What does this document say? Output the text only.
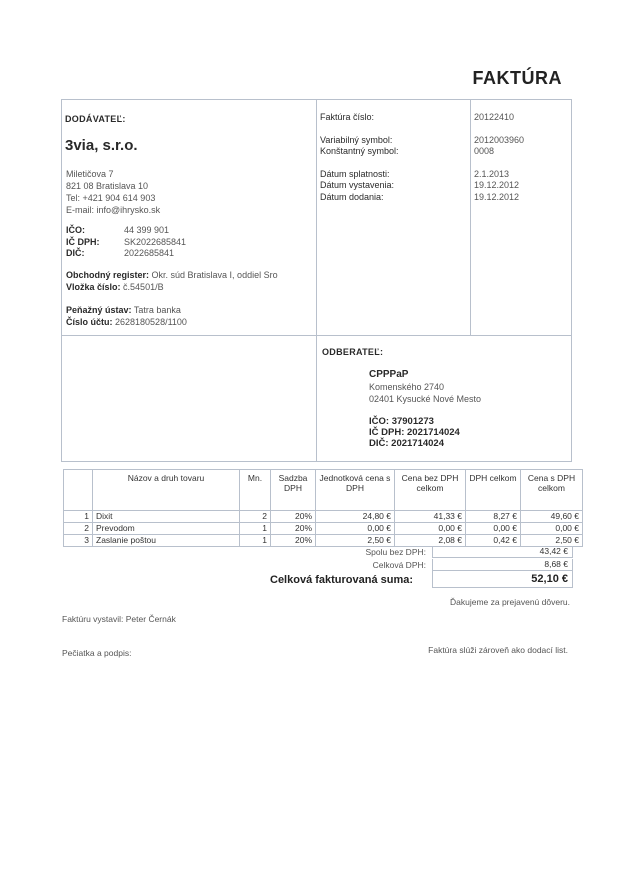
FAKTÚRA
DODÁVATEĽ:
3via, s.r.o.
Miletičova 7
821 08 Bratislava 10
Tel: +421 904 614 903
E-mail: info@ihrysko.sk
IČO:	44 399 901
IČ DPH:	SK2022685841
DIČ:	2022685841
Obchodný register: Okr. súd Bratislava I, oddiel Sro
Vložka číslo: č.54501/B
Peňažný ústav: Tatra banka
Číslo účtu: 2628180528/1100
Faktúra číslo:	20122410
Variabilný symbol:	2012003960
Konštantný symbol:	0008
Dátum splatnosti:	2.1.2013
Dátum vystavenia:	19.12.2012
Dátum dodania:	19.12.2012
ODBERATEĽ:
CPPPaP
Komenského 2740
02401 Kysucké Nové Mesto
IČO: 37901273
IČ DPH: 2021714024
DIČ: 2021714024
	Názov a druh tovaru	Mn.	Sadzba DPH	Jednotková cena s DPH	Cena bez DPH celkom	DPH celkom	Cena s DPH celkom
1	Dixit	2	20%	24,80 €	41,33 €	8,27 €	49,60 €
2	Prevodom	1	20%	0,00 €	0,00 €	0,00 €	0,00 €
3	Zaslanie poštou	1	20%	2,50 €	2,08 €	0,42 €	2,50 €
Spolu bez DPH:	43,42 €
Celková DPH:	8,68 €
Celková fakturovaná suma:	52,10 €
Ďakujeme za prejavenú dôveru.
Faktúru vystavil: Peter Černák
Pečiatka a podpis:	Faktúra slúži zároveň ako dodací list.
